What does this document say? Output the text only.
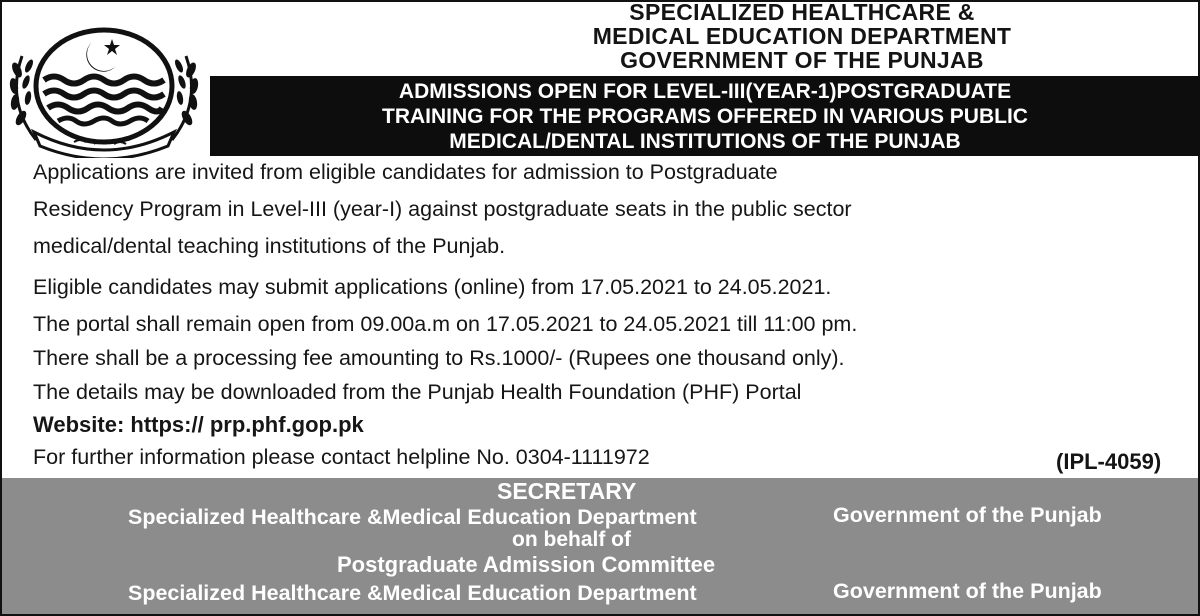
SPECIALIZED HEALTHCARE &
MEDICAL EDUCATION DEPARTMENT
GOVERNMENT OF THE PUNJAB
ADMISSIONS OPEN FOR LEVEL-III(YEAR-1)POSTGRADUATE
TRAINING FOR THE PROGRAMS OFFERED IN VARIOUS PUBLIC
MEDICAL/DENTAL INSTITUTIONS OF THE PUNJAB
Applications are invited from eligible candidates for admission to Postgraduate
Residency Program in Level-III (year-I) against postgraduate seats in the public sector
medical/dental teaching institutions of the Punjab.
Eligible candidates may submit applications (online) from 17.05.2021 to 24.05.2021.
The portal shall remain open from 09.00a.m on 17.05.2021 to 24.05.2021 till 11:00 pm.
There shall be a processing fee amounting to Rs.1000/- (Rupees one thousand only).
The details may be downloaded from the Punjab Health Foundation (PHF) Portal
Website: https:// prp.phf.gop.pk
For further information please contact helpline No. 0304-1111972	(IPL-4059)
SECRETARY
Specialized Healthcare &Medical Education Department	Government of the Punjab
on behalf of
Postgraduate Admission Committee
Specialized Healthcare &Medical Education Department	Government of the Punjab
